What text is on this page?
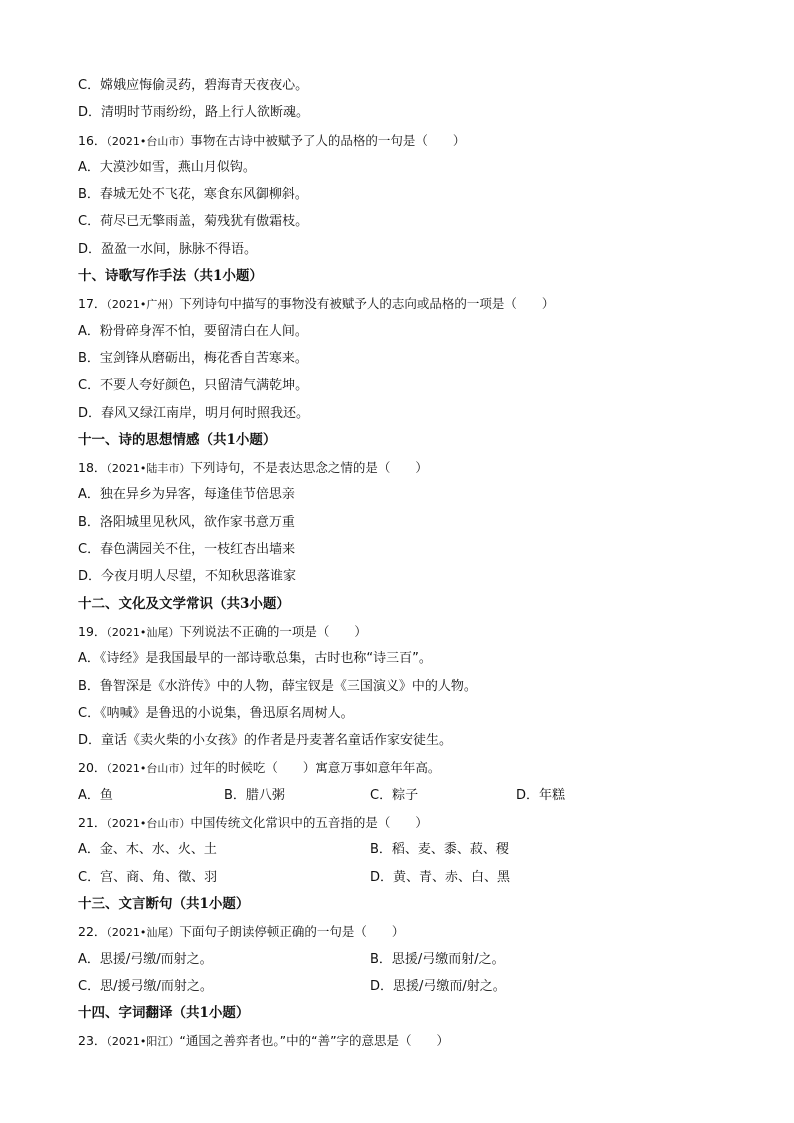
C．嫦娥应悔偷灵药，碧海青天夜夜心。
D．清明时节雨纷纷，路上行人欲断魂。
16．（2021•台山市）事物在古诗中被赋予了人的品格的一句是（　　）
A．大漠沙如雪，燕山月似钩。
B．春城无处不飞花，寒食东风御柳斜。
C．荷尽已无擎雨盖，菊残犹有傲霜枝。
D．盈盈一水间，脉脉不得语。
十、诗歌写作手法（共1小题）
17．（2021•广州）下列诗句中描写的事物没有被赋予人的志向或品格的一项是（　　）
A．粉骨碎身浑不怕，要留清白在人间。
B．宝剑锋从磨砺出，梅花香自苦寒来。
C．不要人夸好颜色，只留清气满乾坤。
D．春风又绿江南岸，明月何时照我还。
十一、诗的思想情感（共1小题）
18．（2021•陆丰市）下列诗句，不是表达思念之情的是（　　）
A．独在异乡为异客，每逢佳节倍思亲
B．洛阳城里见秋风，欲作家书意万重
C．春色满园关不住，一枝红杏出墙来
D．今夜月明人尽望，不知秋思落谁家
十二、文化及文学常识（共3小题）
19．（2021•汕尾）下列说法不正确的一项是（　　）
A．《诗经》是我国最早的一部诗歌总集，古时也称“诗三百”。
B．鲁智深是《水浒传》中的人物，薛宝钗是《三国演义》中的人物。
C．《呐喊》是鲁迅的小说集，鲁迅原名周树人。
D．童话《卖火柴的小女孩》的作者是丹麦著名童话作家安徒生。
20．（2021•台山市）过年的时候吃（　　）寓意万事如意年年高。
A．鱼	B．腊八粥	C．粽子	D．年糕
21．（2021•台山市）中国传统文化常识中的五音指的是（　　）
A．金、木、水、火、土	B．稻、麦、黍、菽、稷
C．宫、商、角、徵、羽	D．黄、青、赤、白、黑
十三、文言断句（共1小题）
22．（2021•汕尾）下面句子朗读停顿正确的一句是（　　）
A．思援/弓缴/而射之。	B．思援/弓缴而射/之。
C．思/援弓缴/而射之。	D．思援/弓缴而/射之。
十四、字词翻译（共1小题）
23．（2021•阳江）“通国之善弈者也。”中的“善”字的意思是（　　）
